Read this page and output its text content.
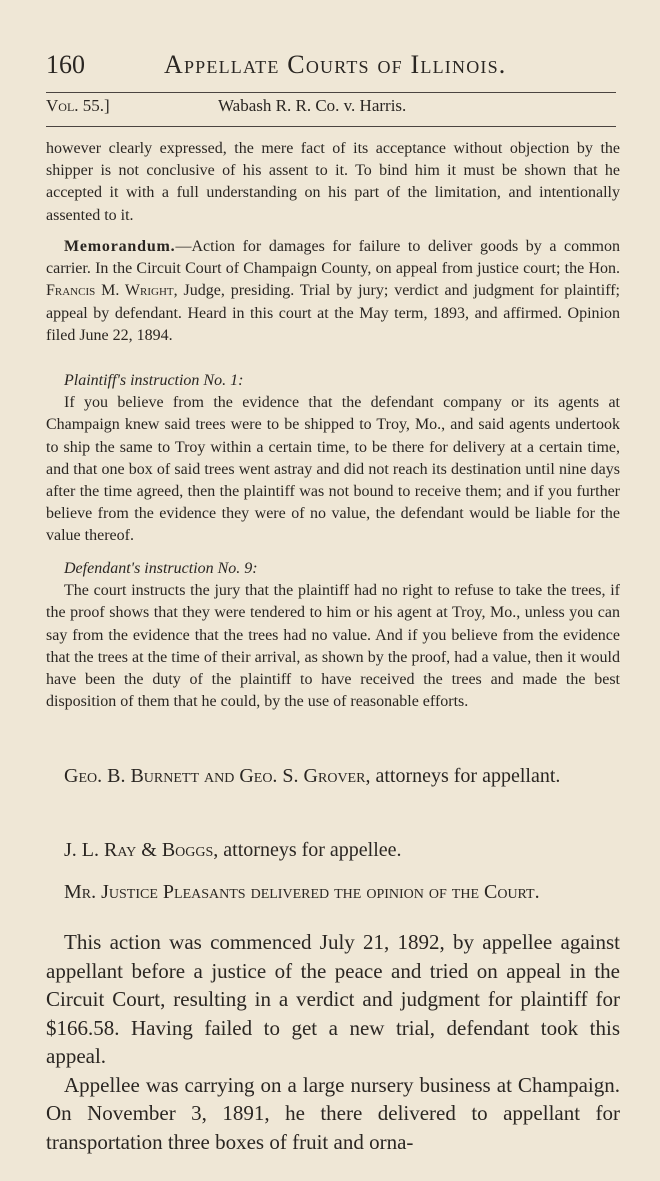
160	Appellate Courts of Illinois.
Vol. 55.]	Wabash R. R. Co. v. Harris.

however clearly expressed, the mere fact of its acceptance without objection by the shipper is not conclusive of his assent to it. To bind him it must be shown that he accepted it with a full understanding on his part of the limitation, and intentionally assented to it.

Memorandum.—Action for damages for failure to deliver goods by a common carrier. In the Circuit Court of Champaign County, on appeal from justice court; the Hon. Francis M. Wright, Judge, presiding. Trial by jury; verdict and judgment for plaintiff; appeal by defendant. Heard in this court at the May term, 1893, and affirmed. Opinion filed June 22, 1894.

Plaintiff's instruction No. 1:

If you believe from the evidence that the defendant company or its agents at Champaign knew said trees were to be shipped to Troy, Mo., and said agents undertook to ship the same to Troy within a certain time, to be there for delivery at a certain time, and that one box of said trees went astray and did not reach its destination until nine days after the time agreed, then the plaintiff was not bound to receive them; and if you further believe from the evidence they were of no value, the defendant would be liable for the value thereof.

Defendant's instruction No. 9:

The court instructs the jury that the plaintiff had no right to refuse to take the trees, if the proof shows that they were tendered to him or his agent at Troy, Mo., unless you can say from the evidence that the trees had no value. And if you believe from the evidence that the trees at the time of their arrival, as shown by the proof, had a value, then it would have been the duty of the plaintiff to have received the trees and made the best disposition of them that he could, by the use of reasonable efforts.

Geo. B. Burnett and Geo. S. Grover, attorneys for appellant.

J. L. Ray & Boggs, attorneys for appellee.

Mr. Justice Pleasants delivered the opinion of the Court.

This action was commenced July 21, 1892, by appellee against appellant before a justice of the peace and tried on appeal in the Circuit Court, resulting in a verdict and judgment for plaintiff for $166.58. Having failed to get a new trial, defendant took this appeal.

Appellee was carrying on a large nursery business at Champaign. On November 3, 1891, he there delivered to appellant for transportation three boxes of fruit and orna-
